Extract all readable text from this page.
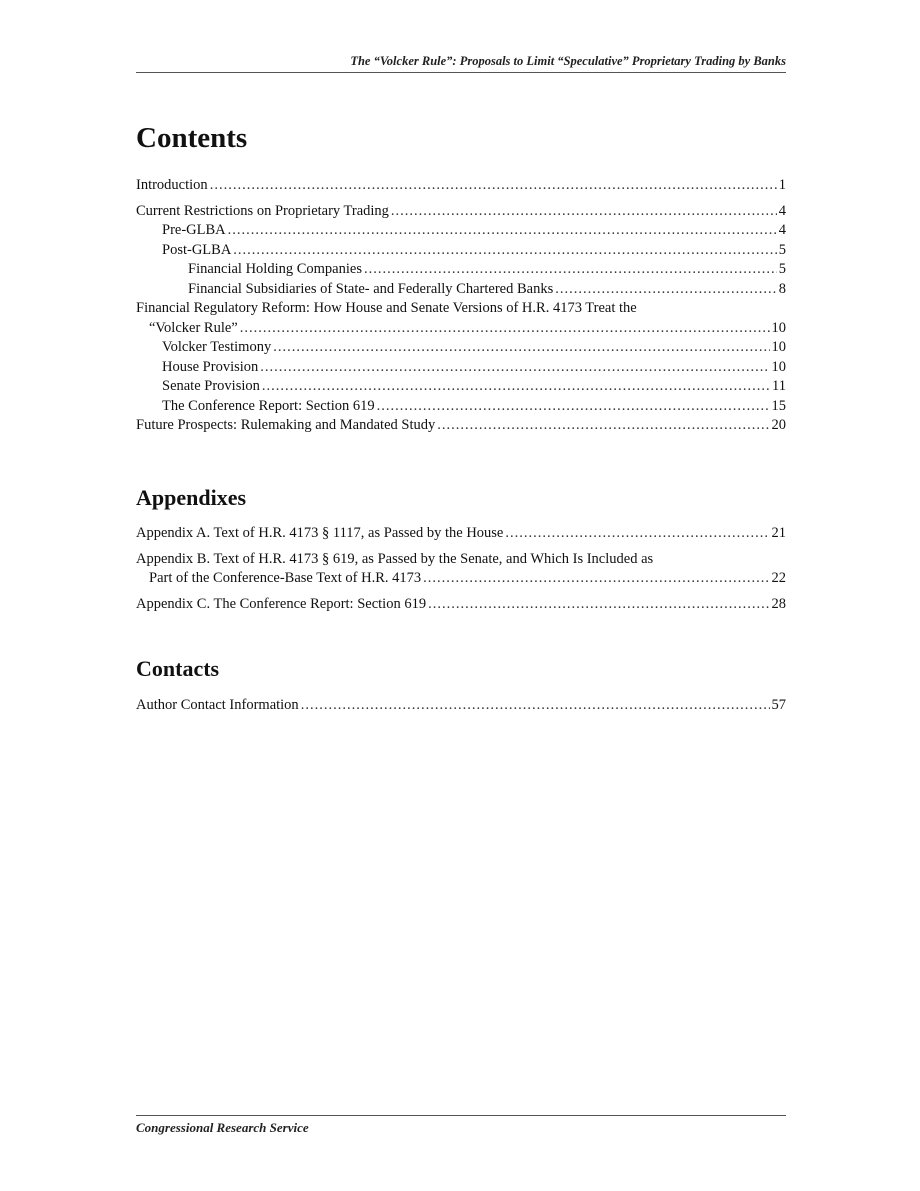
The “Volcker Rule”: Proposals to Limit “Speculative” Proprietary Trading by Banks
Contents
Introduction .....	1
Current Restrictions on Proprietary Trading .....	4
Pre-GLBA .....	4
Post-GLBA .....	5
Financial Holding Companies .....	5
Financial Subsidiaries of State- and Federally Chartered Banks .....	8
Financial Regulatory Reform: How House and Senate Versions of H.R. 4173 Treat the
“Volcker Rule” .....	10
Volcker Testimony .....	10
House Provision .....	10
Senate Provision .....	11
The Conference Report: Section 619 .....	15
Future Prospects: Rulemaking and Mandated Study .....	20
Appendixes
Appendix A. Text of H.R. 4173 § 1117, as Passed by the House .....	21
Appendix B. Text of H.R. 4173 § 619, as Passed by the Senate, and Which Is Included as
Part of the Conference-Base Text of H.R. 4173 .....	22
Appendix C. The Conference Report: Section 619 .....	28
Contacts
Author Contact Information .....	57
Congressional Research Service
